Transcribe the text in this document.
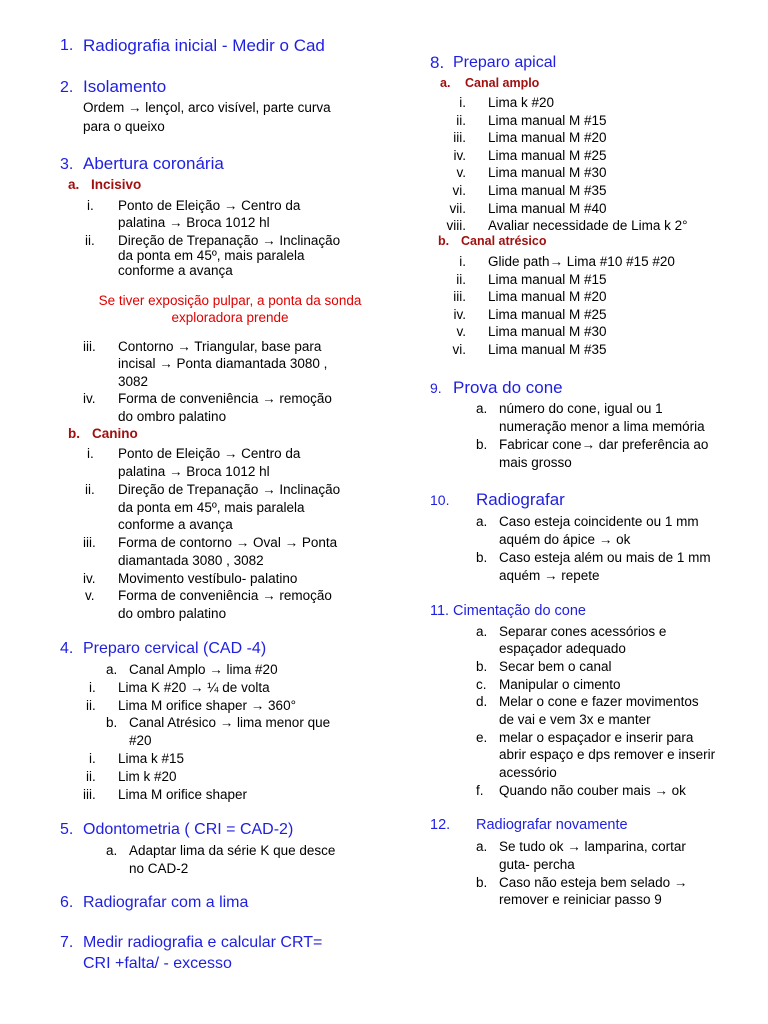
1. Radiografia inicial - Medir o Cad
2. Isolamento
Ordem → lençol, arco visível, parte curva
para o queixo
3. Abertura coronária
a. Incisivo
i. Ponto de Eleição → Centro da
palatina → Broca 1012 hl
ii. Direção de Trepanação → Inclinação
da ponta em 45º, mais paralela
conforme a avança
Se tiver exposição pulpar, a ponta da sonda
exploradora prende
iii. Contorno → Triangular, base para
incisal → Ponta diamantada 3080 ,
3082
iv. Forma de conveniência → remoção
do ombro palatino
b. Canino
i. Ponto de Eleição → Centro da
palatina → Broca 1012 hl
ii. Direção de Trepanação → Inclinação
da ponta em 45º, mais paralela
conforme a avança
iii. Forma de contorno → Oval → Ponta
diamantada 3080 , 3082
iv. Movimento vestíbulo- palatino
v. Forma de conveniência → remoção
do ombro palatino
4. Preparo cervical (CAD -4)
a. Canal Amplo → lima #20
i. Lima K #20 → ¼ de volta
ii. Lima M orifice shaper → 360°
b. Canal Atrésico → lima menor que
#20
i. Lima k #15
ii. Lim k #20
iii. Lima M orifice shaper
5. Odontometria ( CRI = CAD-2)
a. Adaptar lima da série K que desce
no CAD-2
6. Radiografar com a lima
7. Medir radiografia e calcular CRT=
CRI +falta/ - excesso
8. Preparo apical
a. Canal amplo
i. Lima k #20
ii. Lima manual M #15
iii. Lima manual M #20
iv. Lima manual M #25
v. Lima manual M #30
vi. Lima manual M #35
vii. Lima manual M #40
viii. Avaliar necessidade de Lima k 2°
b. Canal atrésico
i. Glide path→ Lima #10 #15 #20
ii. Lima manual M #15
iii. Lima manual M #20
iv. Lima manual M #25
v. Lima manual M #30
vi. Lima manual M #35
9. Prova do cone
a. número do cone, igual ou 1
numeração menor a lima memória
b. Fabricar cone→ dar preferência ao
mais grosso
10. Radiografar
a. Caso esteja coincidente ou 1 mm
aquém do ápice → ok
b. Caso esteja além ou mais de 1 mm
aquém → repete
11. Cimentação do cone
a. Separar cones acessórios e
espaçador adequado
b. Secar bem o canal
c. Manipular o cimento
d. Melar o cone e fazer movimentos
de vai e vem 3x e manter
e. melar o espaçador e inserir para
abrir espaço e dps remover e inserir
acessório
f. Quando não couber mais → ok
12. Radiografar novamente
a. Se tudo ok → lamparina, cortar
guta- percha
b. Caso não esteja bem selado →
remover e reiniciar passo 9
